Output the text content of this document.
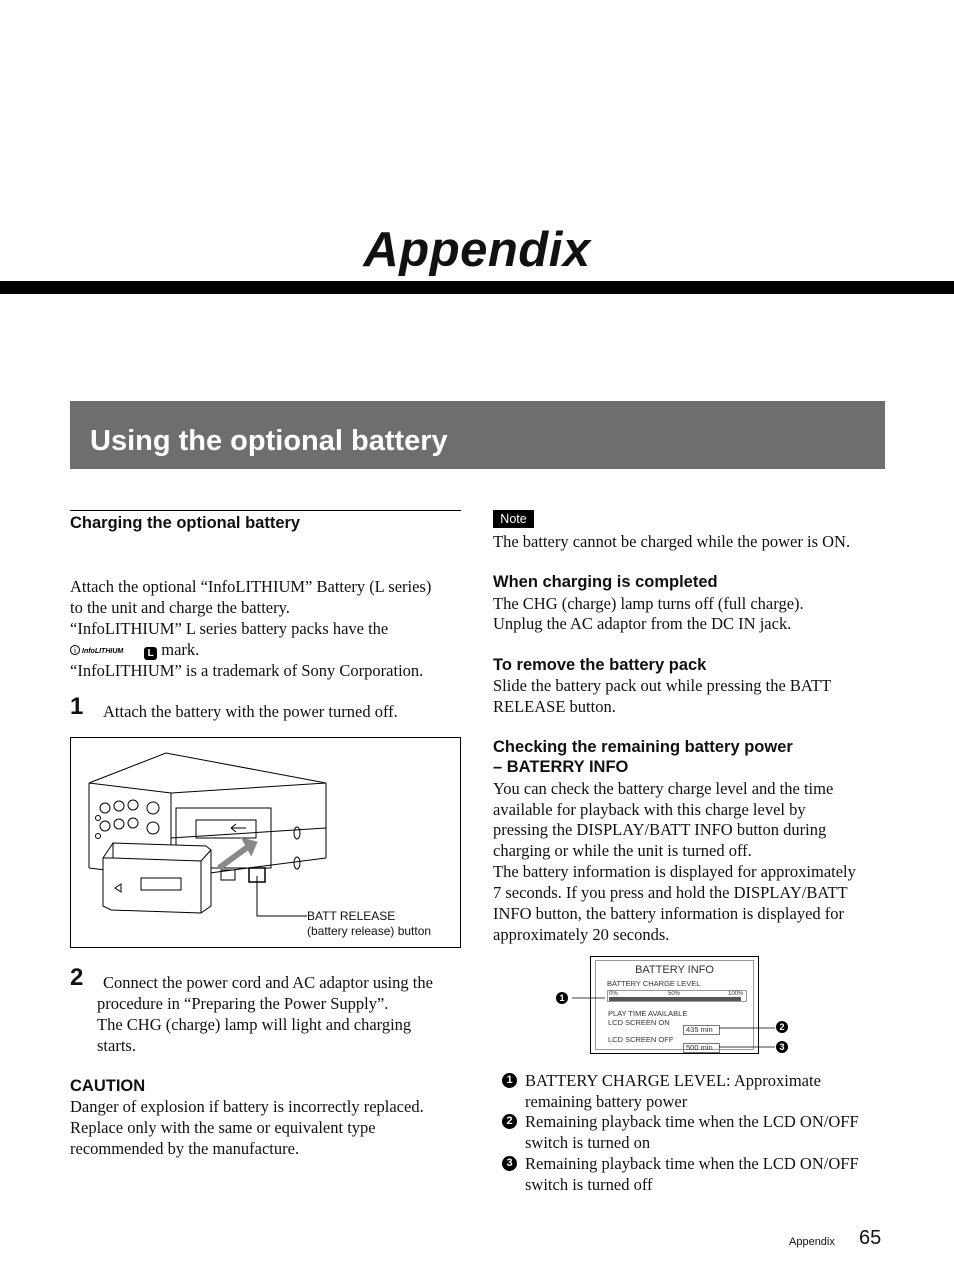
Appendix
Using the optional battery
Charging the optional battery
Attach the optional “InfoLITHIUM” Battery (L series)
to the unit and charge the battery.
“InfoLITHIUM” L series battery packs have the
i InfoLITHIUM L mark.
“InfoLITHIUM” is a trademark of Sony Corporation.
1 Attach the battery with the power turned off.
BATT RELEASE
(battery release) button
2 Connect the power cord and AC adaptor using the
procedure in “Preparing the Power Supply”.
The CHG (charge) lamp will light and charging
starts.
CAUTION
Danger of explosion if battery is incorrectly replaced.
Replace only with the same or equivalent type
recommended by the manufacture.
Note
The battery cannot be charged while the power is ON.
When charging is completed
The CHG (charge) lamp turns off (full charge).
Unplug the AC adaptor from the DC IN jack.
To remove the battery pack
Slide the battery pack out while pressing the BATT
RELEASE button.
Checking the remaining battery power
– BATERRY INFO
You can check the battery charge level and the time
available for playback with this charge level by
pressing the DISPLAY/BATT INFO button during
charging or while the unit is turned off.
The battery information is displayed for approximately
7 seconds. If you press and hold the DISPLAY/BATT
INFO button, the battery information is displayed for
approximately 20 seconds.
BATTERY INFO
BATTERY CHARGE LEVEL
0%	50%	100%
PLAY TIME AVAILABLE
LCD SCREEN ON
435 min
LCD SCREEN OFF
500 min
1
2
3
1 BATTERY CHARGE LEVEL: Approximate
remaining battery power
2 Remaining playback time when the LCD ON/OFF
switch is turned on
3 Remaining playback time when the LCD ON/OFF
switch is turned off
Appendix 65
